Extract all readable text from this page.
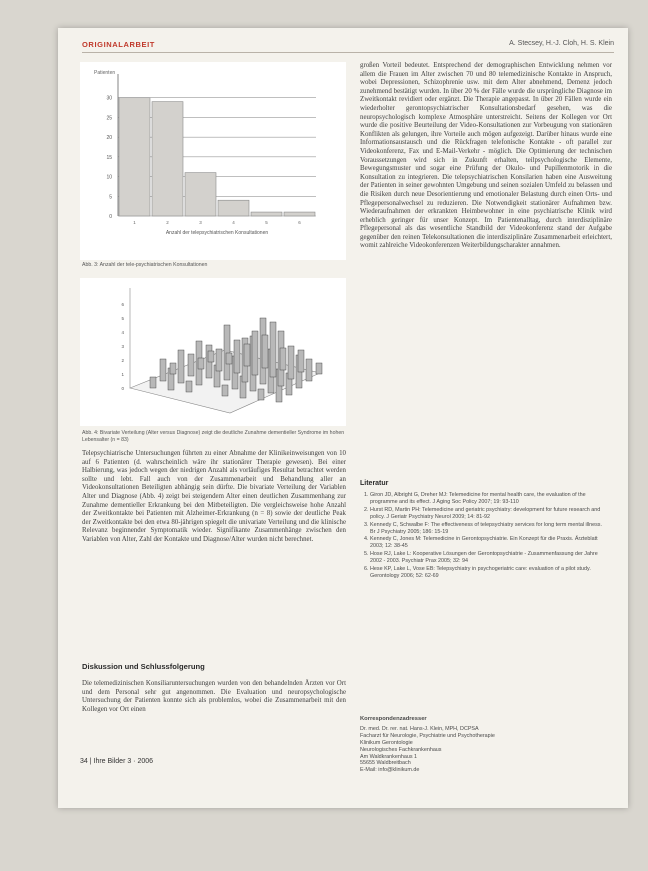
ORIGINALARBEIT	A. Stecsey, H.-J. Cloh, H. S. Klein
Patienten
0
5
10
15
20
25
30
1	2	3	4	5	6
Anzahl der telepsychiatrischen Konsultationen
Abb. 3: Anzahl der tele-psychiatrischen Konsultationen
0
1
2
3
4
5
6
Abb. 4: Bivariate Verteilung (Alter versus Diagnose) zeigt die deutliche Zunahme dementieller Syndrome im hohen Lebensalter (n = 83)

Telepsychiatrische Untersuchungen führten zu einer Abnahme der Klinikeinweisungen von 10 auf 6 Patienten (d. wahrscheinlich wäre ihr stationärer Therapie gewesen). Bei einer Halbierung, was jedoch wegen der niedrigen Anzahl als vorläufiges Resultat betrachtet werden sollte und lebt. Fall auch von der Zusammenarbeit und Behandlung aller an Videokonsultationen Beteiligten abhängig sein dürfte. Die bivariate Verteilung der Variablen Alter und Diagnose (Abb. 4) zeigt bei steigendem Alter einen deutlichen Zusammenhang zur Zunahme dementieller Erkrankung bei den Mitbeteiligten. Die vergleichsweise hohe Anzahl der Zweitkontakte bei Patienten mit Alzheimer-Erkrankung (n = 8) sowie der deutliche Peak der Zweitkontakte bei den etwa 80-jährigen spiegelt die univariate Verteilung und die klinische Relevanz beginnender Symptomatik wieder. Signifikante Zusammenhänge zwischen den Variablen von Alter, Zahl der Kontakte und Diagnose/Alter wurden nicht berechnet.

Diskussion und Schlussfolgerung

Die telemedizinischen Konsiliaruntersuchungen wurden von den behandelnden Ärzten vor Ort und dem Personal sehr gut angenommen. Die Evaluation und neuropsychologische Untersuchung der Patienten konnte sich als problemlos, wobei die Zusammenarbeit mit den Kollegen vor Ort einen

großen Vorteil bedeutet. Entsprechend der demographischen Entwicklung nehmen vor allem die Frauen im Alter zwischen 70 und 80 telemedizinische Kontakte in Anspruch, wobei Depressionen, Schizophrenie usw. mit dem Alter abnehmend, Demenz jedoch zunehmend bestätigt wurden. In über 20 % der Fälle wurde die ursprüngliche Diagnose im Zweitkontakt revidiert oder ergänzt. Die Therapie angepasst. In über 20 Fällen wurde ein wiederholter gerontopsychiatrischer Konsultationsbedarf gesehen, was die neuropsychologisch komplexe Atmosphäre unterstreicht. Seitens der Kollegen vor Ort wurde die positive Beurteilung der Video-Konsultationen zur Vorbeugung von stationären Konflikten als gelungen, ihre Vorteile auch mögen aufgezeigt. Darüber hinaus wurde eine Informationsaustausch und die Rückfragen telefonische Kontakte - oft parallel zur Videokonferenz, Fax und E-Mail-Verkehr - möglich. Die Optimierung der technischen Voraussetzungen wird sich in Zukunft erhalten, teilpsychologische Elemente, Bewegungsmuster und sogar eine Prüfung der Okulo- und Pupillenmotorik in die Konsultation zu integrieren. Die telepsychiatrischen Konsilarien haben eine Ausweitung der Patienten in seiner gewohnten Umgebung und seinen sozialen Umfeld zu belassen und die Risiken durch neue Desorientierung und emotionaler Belastung durch einen Orts- und Pflegepersonalwechsel zu reduzieren. Die Notwendigkeit stationärer Aufnahmen bzw. Wiederaufnahmen der erkrankten Heimbewohner in eine psychiatrische Klinik wird erheblich geringer für unser Konzept. Im Patientenalltag, durch interdisziplinäre Pflegepersonal als das wesentliche Standbild der Videokonferenz stand der Aufgabe gegenüber den reinen Telekonsultationen die interdisziplinäre Zusammenarbeit erleichtert, womit zahlreiche Videokonferenzen Weiterbildungscharakter annahmen.

Literatur
1. Giron JD, Albright G, Dreher MJ: Telemedicine for mental health care, the evaluation of the programme and its effect. J Aging Soc Policy 2007; 19: 93-110
2. Hurst RD, Martin PH: Telemedicine and geriatric psychiatry: development for future research and policy. J Geriatr Psychiatry Neurol 2009; 14: 81-92
3. Kennedy C, Schwalbe F: The effectiveness of telepsychiatry services for long term mental illness. Br J Psychiatry 2005; 186: 15-19
4. Kennedy C, Jones M: Telemedicine in Gerontopsychiatrie. Ein Konzept für die Praxis. Ärzteblatt 2003; 12: 38-45
5. Hose RJ, Lake L: Kooperative Lösungen der Gerontopsychiatrie - Zusammenfassung der Jahre 2002 - 2003. Psychiatr Prax 2005; 32: 94
6. Hese KP, Lake L, Vose EB: Telepsychiatry in psychogeriatric care: evaluation of a pilot study. Gerontology 2006; 52: 62-69
Korrespondenzadresser
Dr. med. Dr. rer. nat. Hans-J. Klein, MPH, DCPSA
Facharzt für Neurologie, Psychiatrie und Psychotherapie
Klinikum Gerontologie
Neurologisches Fachkrankenhaus
Am Waldkrankenhaus 1
55655 Waldbreitbach
E-Mail: info@klinikum.de
34 | Ihre Bilder 3 · 2006
